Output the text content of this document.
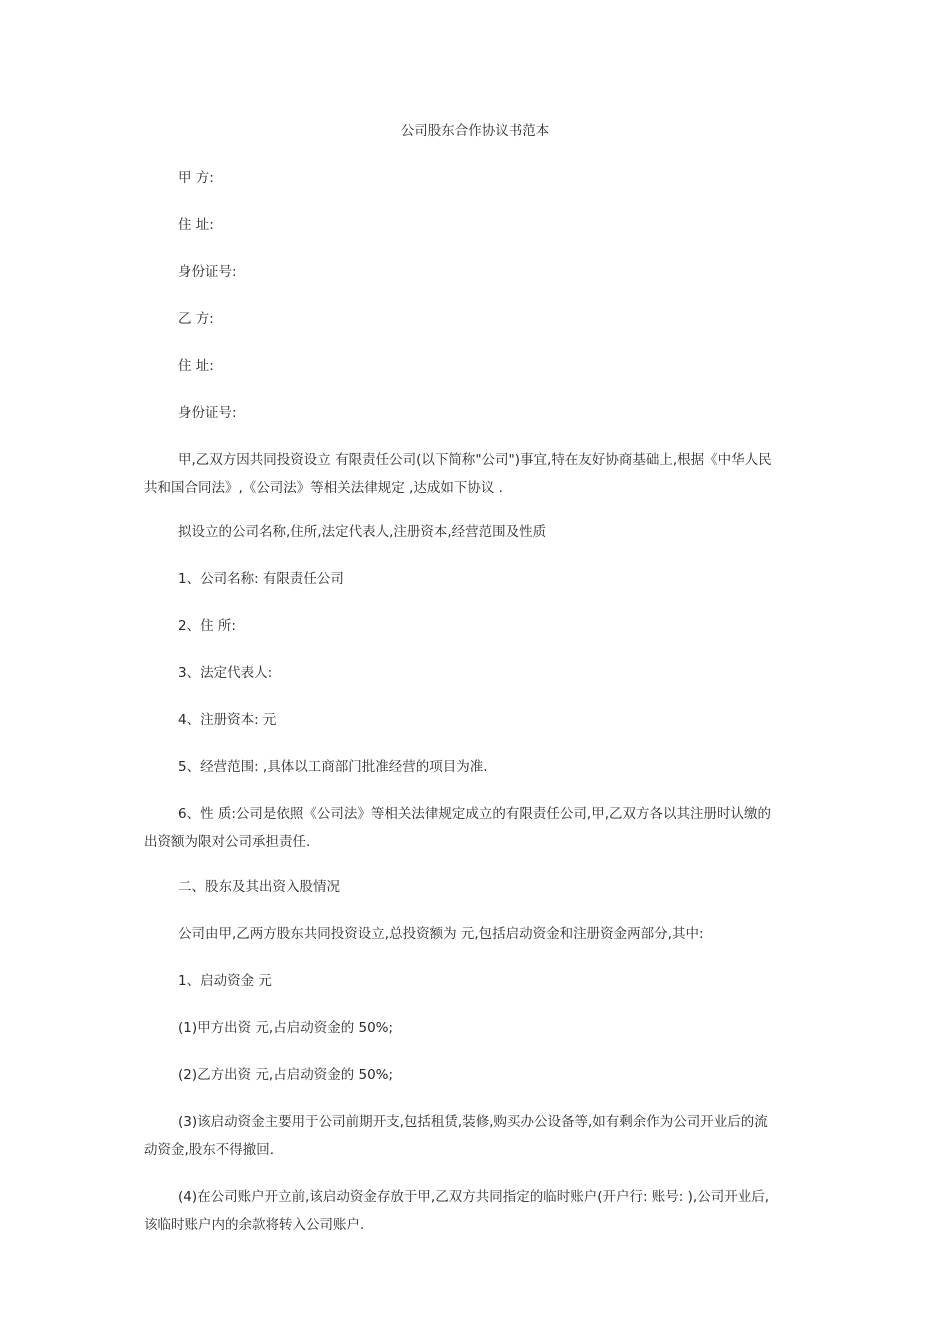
公司股东合作协议书范本
甲 方:
住 址:
身份证号:
乙 方:
住 址:
身份证号:
甲,乙双方因共同投资设立 有限责任公司(以下简称"公司")事宜,特在友好协商基础上,根据《中华人民
共和国合同法》,《公司法》等相关法律规定 ,达成如下协议 .
拟设立的公司名称,住所,法定代表人,注册资本,经营范围及性质
1、公司名称: 有限责任公司
2、住 所:
3、法定代表人:
4、注册资本: 元
5、经营范围: ,具体以工商部门批准经营的项目为准.
6、性 质:公司是依照《公司法》等相关法律规定成立的有限责任公司,甲,乙双方各以其注册时认缴的
出资额为限对公司承担责任.
二、股东及其出资入股情况
公司由甲,乙两方股东共同投资设立,总投资额为 元,包括启动资金和注册资金两部分,其中:
1、启动资金 元
(1)甲方出资 元,占启动资金的 50%;
(2)乙方出资 元,占启动资金的 50%;
(3)该启动资金主要用于公司前期开支,包括租赁,装修,购买办公设备等,如有剩余作为公司开业后的流
动资金,股东不得撤回.
(4)在公司账户开立前,该启动资金存放于甲,乙双方共同指定的临时账户(开户行: 账号: ),公司开业后,
该临时账户内的余款将转入公司账户.
